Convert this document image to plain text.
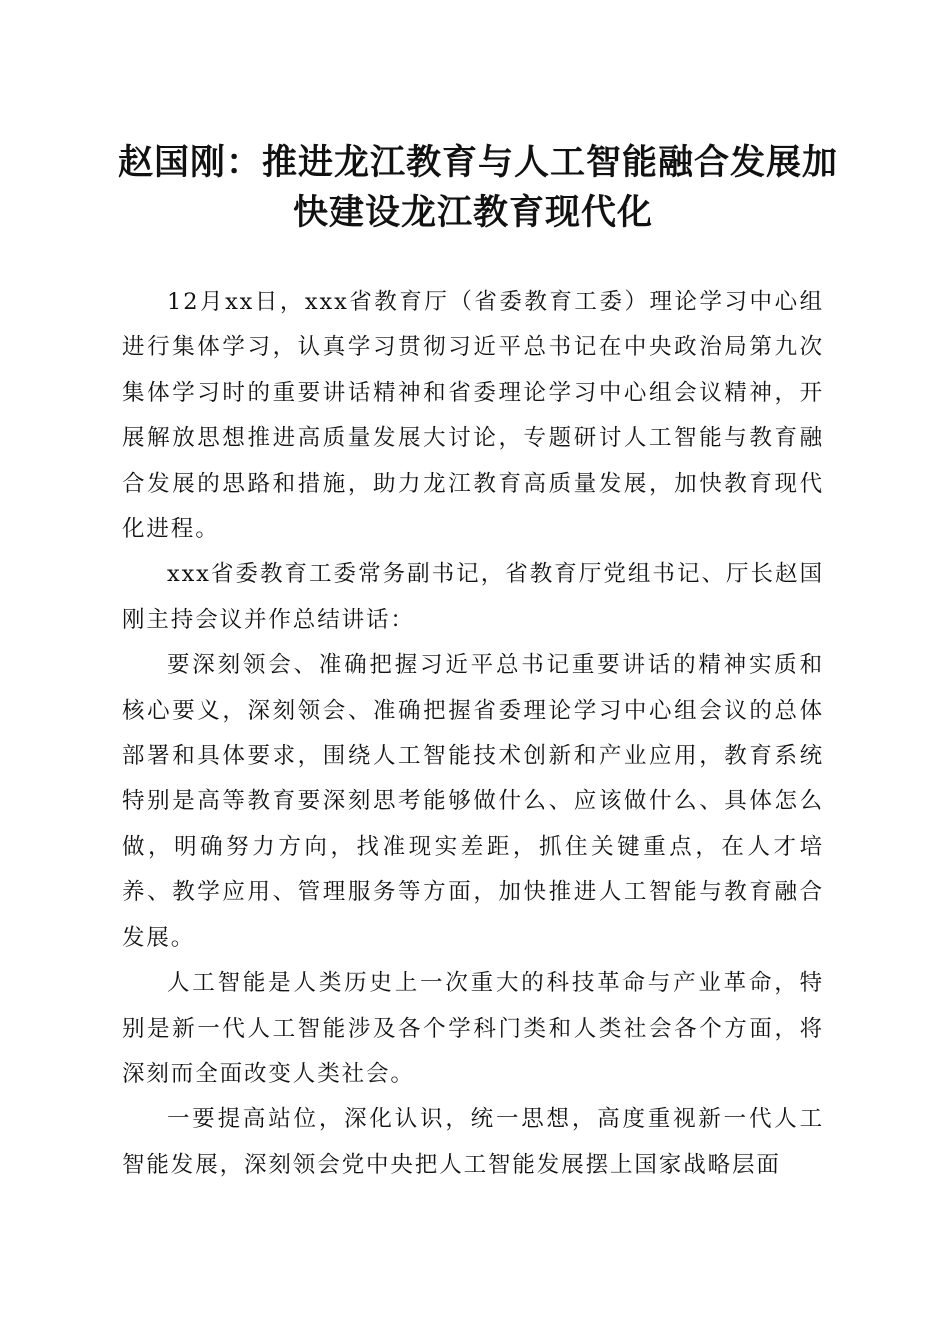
赵国刚：推进龙江教育与人工智能融合发展加
快建设龙江教育现代化

12月xx日，xxx省教育厅（省委教育工委）理论学习中心组进行集体学习，认真学习贯彻习近平总书记在中央政治局第九次集体学习时的重要讲话精神和省委理论学习中心组会议精神，开展解放思想推进高质量发展大讨论，专题研讨人工智能与教育融合发展的思路和措施，助力龙江教育高质量发展，加快教育现代化进程。

xxx省委教育工委常务副书记，省教育厅党组书记、厅长赵国刚主持会议并作总结讲话：

要深刻领会、准确把握习近平总书记重要讲话的精神实质和核心要义，深刻领会、准确把握省委理论学习中心组会议的总体部署和具体要求，围绕人工智能技术创新和产业应用，教育系统特别是高等教育要深刻思考能够做什么、应该做什么、具体怎么做，明确努力方向，找准现实差距，抓住关键重点，在人才培养、教学应用、管理服务等方面，加快推进人工智能与教育融合发展。

人工智能是人类历史上一次重大的科技革命与产业革命，特别是新一代人工智能涉及各个学科门类和人类社会各个方面，将深刻而全面改变人类社会。

一要提高站位，深化认识，统一思想，高度重视新一代人工智能发展，深刻领会党中央把人工智能发展摆上国家战略层面
